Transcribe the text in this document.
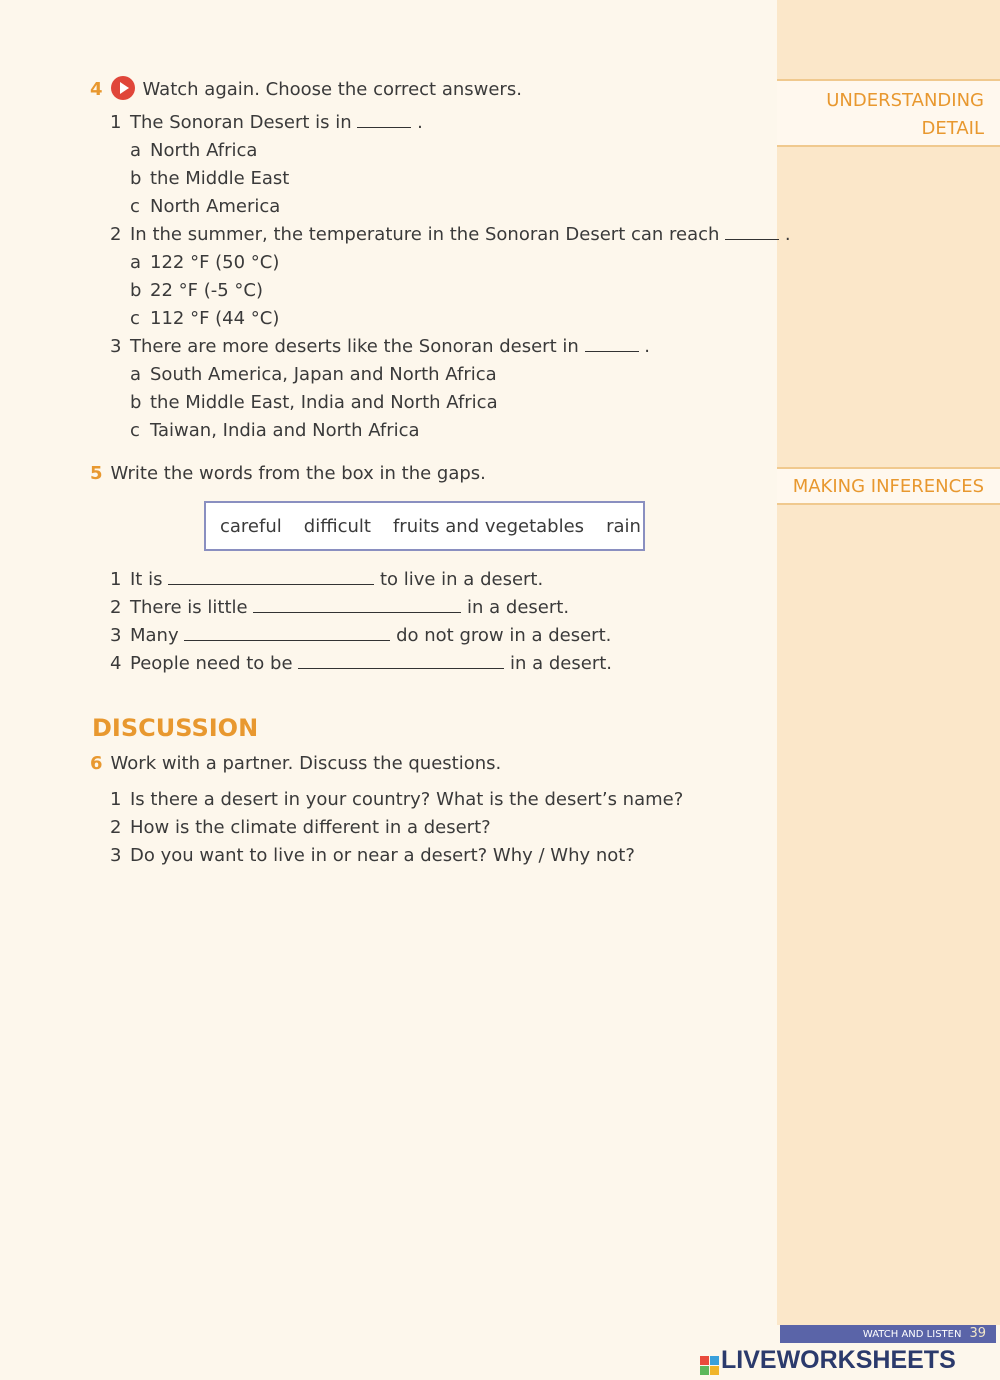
UNDERSTANDING
DETAIL
MAKING INFERENCES
4 Watch again. Choose the correct answers.
1 The Sonoran Desert is in	.
a North Africa
b the Middle East
c North America
2 In the summer, the temperature in the Sonoran Desert can reach	.
a 122 °F (50 °C)
b 22 °F (-5 °C)
c 112 °F (44 °C)
3 There are more deserts like the Sonoran desert in	.
a South America, Japan and North Africa
b the Middle East, India and North Africa
c Taiwan, India and North Africa
5 Write the words from the box in the gaps.
careful difficult fruits and vegetables rain
1 It is	to live in a desert.
2 There is little	in a desert.
3 Many	do not grow in a desert.
4 People need to be	in a desert.
DISCUSSION
6 Work with a partner. Discuss the questions.
1 Is there a desert in your country? What is the desert’s name?
2 How is the climate different in a desert?
3 Do you want to live in or near a desert? Why / Why not?
WATCH AND LISTEN 39
LIVEWORKSHEETS
